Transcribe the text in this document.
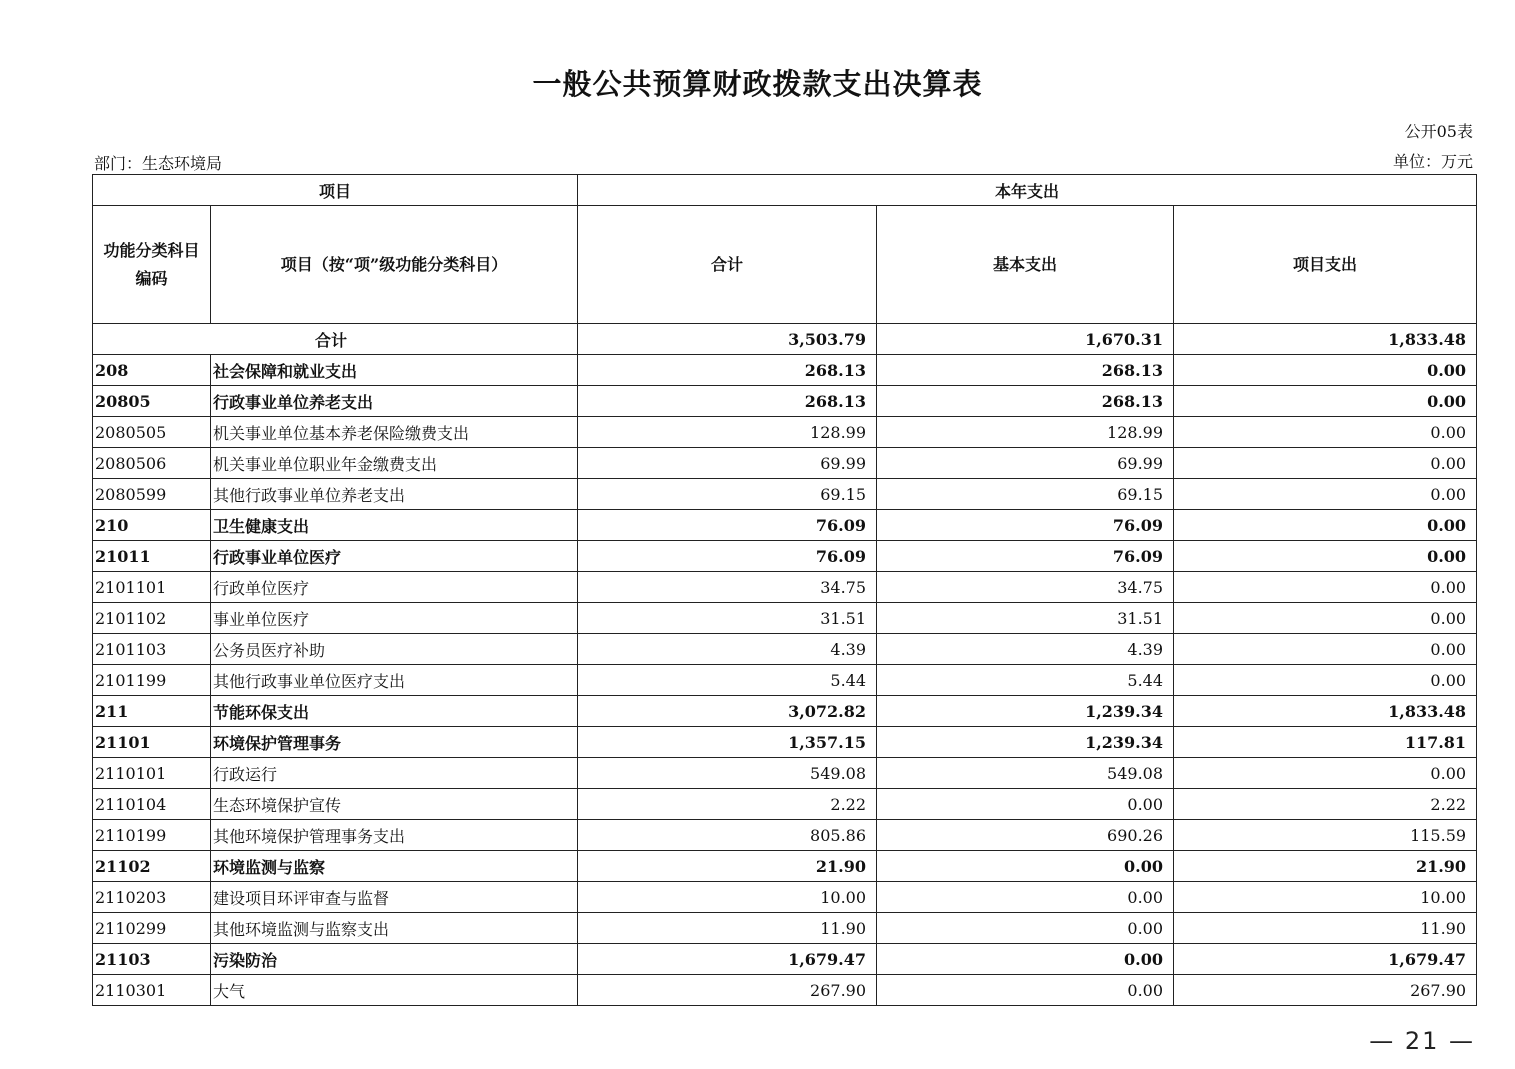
一般公共预算财政拨款支出决算表
公开05表
部门：生态环境局	单位：万元
项目		本年支出		
功能分类科目编码	项目（按“项”级功能分类科目）	合计	基本支出	项目支出
合计		3,503.79	1,670.31	1,833.48
208	社会保障和就业支出	268.13	268.13	0.00
20805	行政事业单位养老支出	268.13	268.13	0.00
2080505	机关事业单位基本养老保险缴费支出	128.99	128.99	0.00
2080506	机关事业单位职业年金缴费支出	69.99	69.99	0.00
2080599	其他行政事业单位养老支出	69.15	69.15	0.00
210	卫生健康支出	76.09	76.09	0.00
21011	行政事业单位医疗	76.09	76.09	0.00
2101101	行政单位医疗	34.75	34.75	0.00
2101102	事业单位医疗	31.51	31.51	0.00
2101103	公务员医疗补助	4.39	4.39	0.00
2101199	其他行政事业单位医疗支出	5.44	5.44	0.00
211	节能环保支出	3,072.82	1,239.34	1,833.48
21101	环境保护管理事务	1,357.15	1,239.34	117.81
2110101	行政运行	549.08	549.08	0.00
2110104	生态环境保护宣传	2.22	0.00	2.22
2110199	其他环境保护管理事务支出	805.86	690.26	115.59
21102	环境监测与监察	21.90	0.00	21.90
2110203	建设项目环评审查与监督	10.00	0.00	10.00
2110299	其他环境监测与监察支出	11.90	0.00	11.90
21103	污染防治	1,679.47	0.00	1,679.47
2110301	大气	267.90	0.00	267.90
— 21 —
